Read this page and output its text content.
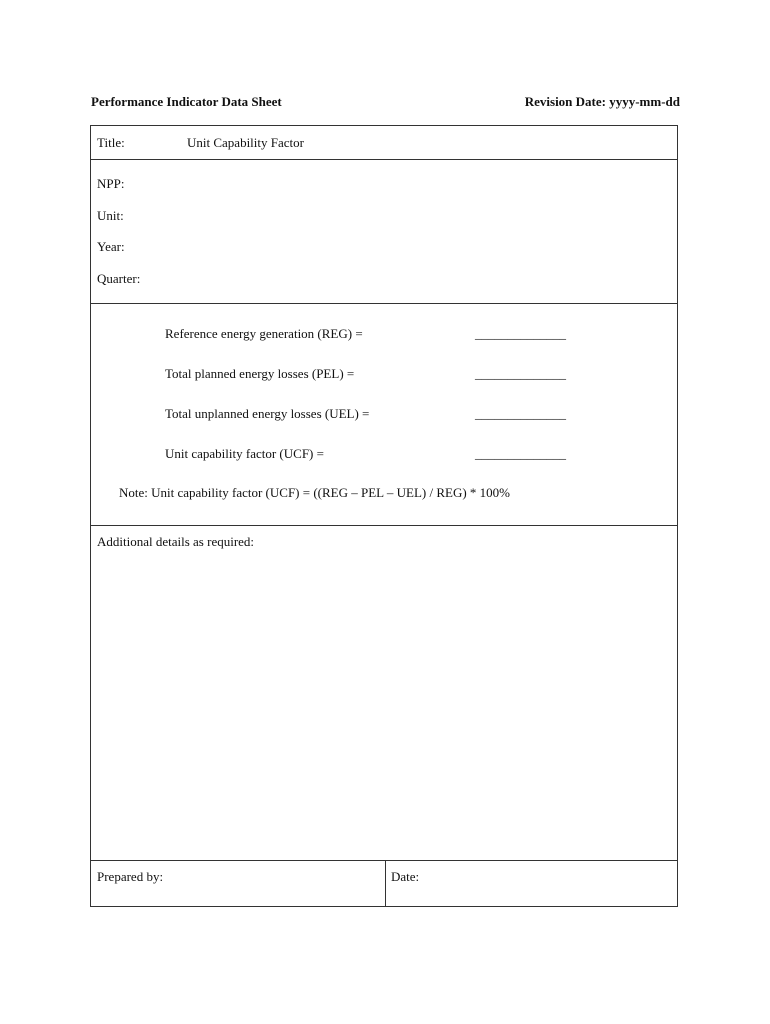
Performance Indicator Data Sheet	Revision Date: yyyy-mm-dd
Title:	Unit Capability Factor
NPP:
Unit:
Year:
Quarter:
Reference energy generation (REG) =	______________
Total planned energy losses (PEL) =	______________
Total unplanned energy losses (UEL) =	______________
Unit capability factor (UCF) =	______________
Note: Unit capability factor (UCF) = ((REG – PEL – UEL) / REG) * 100%
Additional details as required:
Prepared by:	Date:
